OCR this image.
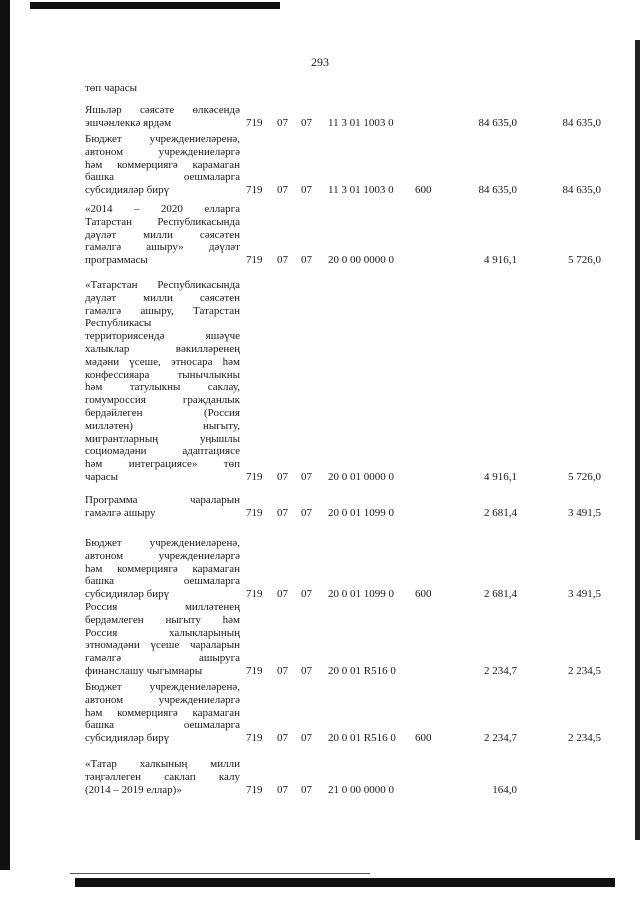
293
төп чарасы
Яшьләр сәясәте өлкәсендә
эшчәнлеккә ярдәм	719 07 07 11 3 01 1003 0	84 635,0	84 635,0
Бюджет учреждениеләренә,
автоном учреждениеләргә
һәм коммерциягә карамаган
башка оешмаларга
субсидияләр бирү	719 07 07 11 3 01 1003 0 600	84 635,0	84 635,0
«2014 – 2020 елларга
Татарстан Республикасында
дәүләт милли сәясәтен
гамәлгә ашыру» дәүләт
программасы	719 07 07 20 0 00 0000 0	4 916,1	5 726,0
«Татарстан Республикасында
дәүләт милли сәясәтен
гамәлгә ашыру, Татарстан
Республикасы
территориясендә яшәүче
халыклар вәкилләренең
мәдәни үсеше, этносара һәм
конфессияара тынычлыкны
һәм татулыкны саклау,
гомумроссия гражданлык
бердәйлеген (Россия
милләтен) ныгыту,
мигрантларның уңышлы
социомәдәни адаптациясе
һәм интеграциясе» төп
чарасы	719 07 07 20 0 01 0000 0	4 916,1	5 726,0
Программа чараларын
гамәлгә ашыру	719 07 07 20 0 01 1099 0	2 681,4	3 491,5
Бюджет учреждениеләренә,
автоном учреждениеләргә
һәм коммерциягә карамаган
башка оешмаларга
субсидияләр бирү	719 07 07 20 0 01 1099 0 600	2 681,4	3 491,5
Россия милләтенең
бердәмлеген ныгыту һәм
Россия халыкларының
этномәдәни үсеше чараларын
гамәлгә ашыруга
финанслашу чыгымнары	719 07 07 20 0 01 R516 0	2 234,7	2 234,5
Бюджет учреждениеләренә,
автоном учреждениеләргә
һәм коммерциягә карамаган
башка оешмаларга
субсидияләр бирү	719 07 07 20 0 01 R516 0 600	2 234,7	2 234,5
«Татар халкының милли
тәңгәллеген саклап калу
(2014 – 2019 еллар)»	719 07 07 21 0 00 0000 0	164,0
